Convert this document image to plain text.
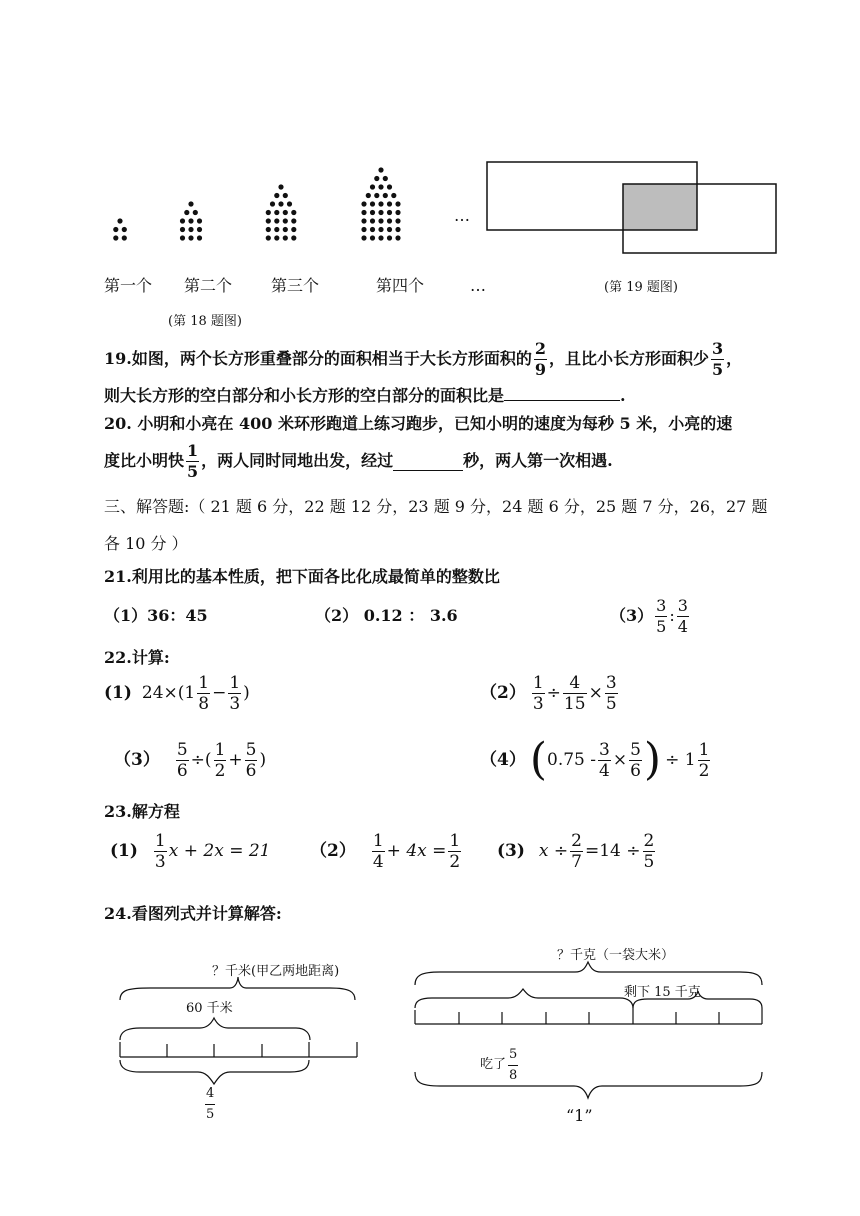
第一个 第二个 第三个	第四个
…
…
(第 18 题图)
(第 19 题图)
19. 如图，两个长方形重叠部分的面积相当于大长方形面积的 $\frac{2}{9}$ ，且比小长方形面积少 $\frac{3}{5}$ ，
则大长方形的空白部分和小长方形的空白部分的面积比是	.
20. 小明和小亮在 400 米环形跑道上练习跑步，已知小明的速度为每秒 5 米，小亮的速
度比小明快 $\frac{1}{5}$ ，两人同时同地出发，经过	秒，两人第一次相遇.
三、解答题:（ 21 题 6 分，22 题 12 分，23 题 9 分，24 题 6 分，25 题 7 分，26，27 题
各 10 分 ）
21.利用比的基本性质，把下面各比化成最简单的整数比
（1）36：45	（2） 0.12 ： 3.6	$(3) \frac{3}{5}$ : $\frac{3}{4}$
22.计算:
(1) $24\times(1 \frac{1}{8} - \frac{1}{3}$ )	$(2) \frac{1}{3} \div \frac{4}{15} \times \frac{3}{5}$
$(3) \frac{5}{6}$ ÷( $\frac{1}{2} + \frac{5}{6}$ )	（4） ( $0.75 - \frac{3}{4} \times \frac{5}{6}$ ) ÷ $1 \frac{1}{2}$
23.解方程
$(1) \frac{1}{3}$ x + 2x = 21 $(2) \frac{1}{4} + 4x = \frac{1}{2} (3) x \div \frac{2}{7} =14 \div \frac{2}{5}$
24.看图列式并计算解答:
？千米(甲乙两地距离)
60 千米
$\frac{4}{5}$
？千克（一袋大米）
剩下 15 千克
吃了 $\frac{5}{8}$
“1”
